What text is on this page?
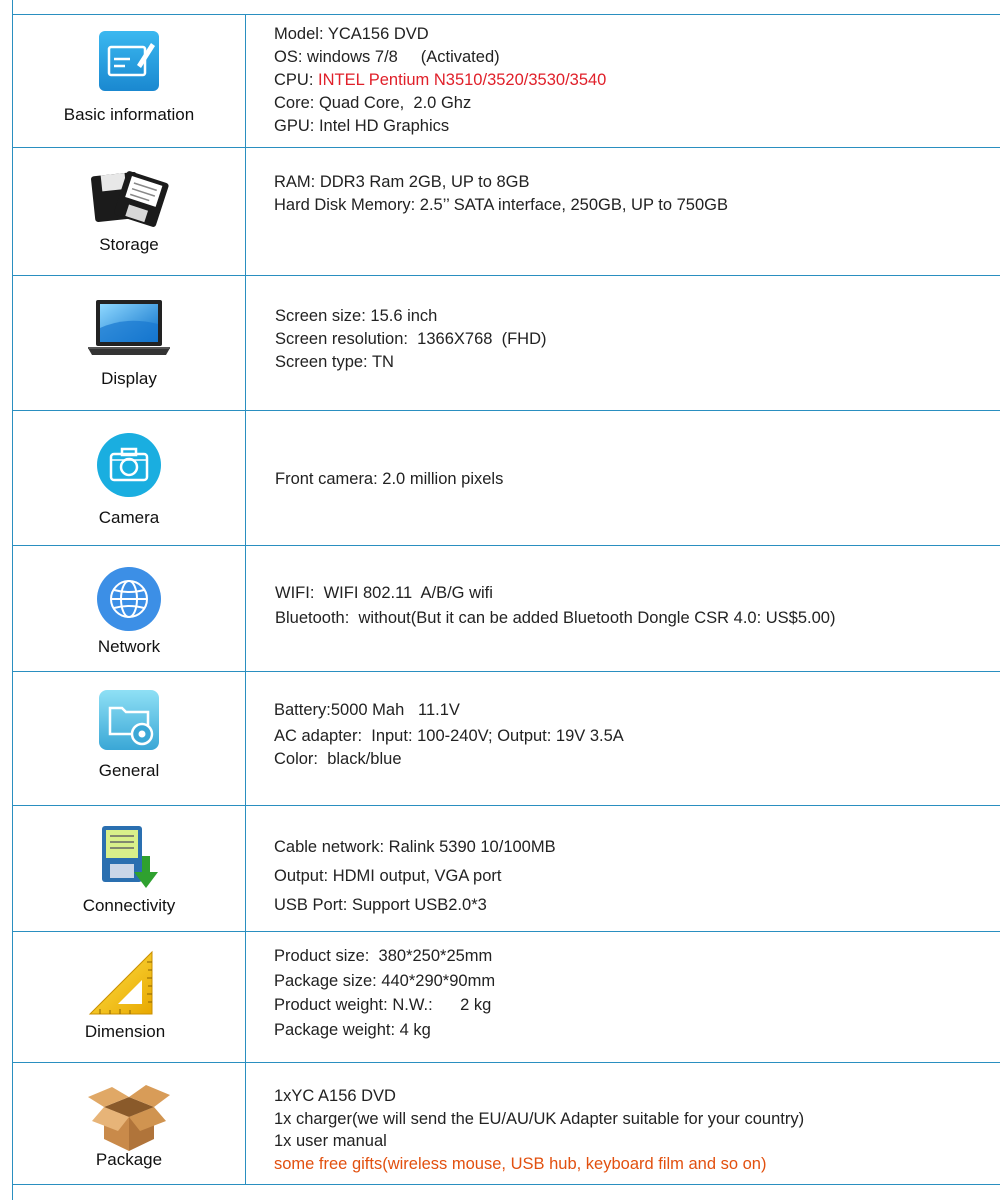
Basic information
Model: YCA156 DVD
OS: windows 7/8     (Activated)
CPU: INTEL Pentium N3510/3520/3530/3540
Core: Quad Core,  2.0 Ghz
GPU: Intel HD Graphics
Storage
RAM: DDR3 Ram 2GB, UP to 8GB
Hard Disk Memory: 2.5’’ SATA interface, 250GB, UP to 750GB
Display
Screen size: 15.6 inch
Screen resolution:  1366X768  (FHD)
Screen type: TN
Camera
Front camera: 2.0 million pixels
Network
WIFI:  WIFI 802.11  A/B/G wifi
Bluetooth:  without(But it can be added Bluetooth Dongle CSR 4.0: US$5.00)
General
Battery:5000 Mah   11.1V
AC adapter:  Input: 100-240V; Output: 19V 3.5A
Color:  black/blue
Connectivity
Cable network: Ralink 5390 10/100MB
Output: HDMI output, VGA port
USB Port: Support USB2.0*3
Dimension
Product size:  380*250*25mm
Package size: 440*290*90mm
Product weight: N.W.:      2 kg
Package weight: 4 kg
Package
1xYC A156 DVD
1x charger(we will send the EU/AU/UK Adapter suitable for your country)
1x user manual
some free gifts(wireless mouse, USB hub, keyboard film and so on)
